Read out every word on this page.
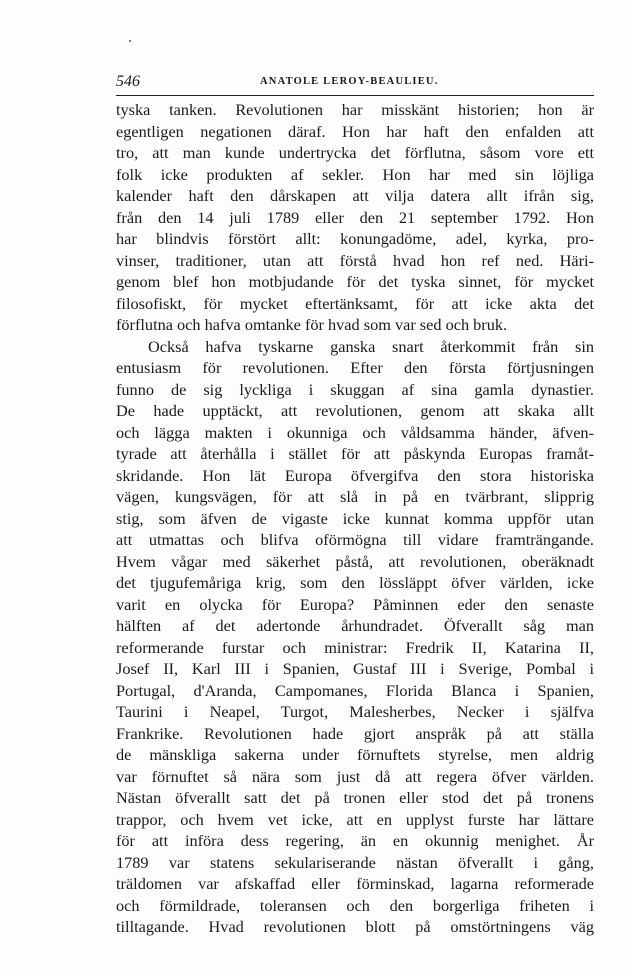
546	ANATOLE LEROY-BEAULIEU.
tyska tanken. Revolutionen har misskänt historien; hon är
egentligen negationen däraf. Hon har haft den enfalden att
tro, att man kunde undertrycka det förflutna, såsom vore ett
folk icke produkten af sekler. Hon har med sin löjliga
kalender haft den dårskapen att vilja datera allt ifrån sig,
från den 14 juli 1789 eller den 21 september 1792. Hon
har blindvis förstört allt: konungadöme, adel, kyrka, pro-
vinser, traditioner, utan att förstå hvad hon ref ned. Häri-
genom blef hon motbjudande för det tyska sinnet, för mycket
filosofiskt, för mycket eftertänksamt, för att icke akta det
förflutna och hafva omtanke för hvad som var sed och bruk.
Också hafva tyskarne ganska snart återkommit från sin
entusiasm för revolutionen. Efter den första förtjusningen
funno de sig lyckliga i skuggan af sina gamla dynastier.
De hade upptäckt, att revolutionen, genom att skaka allt
och lägga makten i okunniga och våldsamma händer, äfven-
tyrade att återhålla i stället för att påskynda Europas framåt-
skridande. Hon lät Europa öfvergifva den stora historiska
vägen, kungsvägen, för att slå in på en tvärbrant, slipprig
stig, som äfven de vigaste icke kunnat komma uppför utan
att utmattas och blifva oförmögna till vidare framträngande.
Hvem vågar med säkerhet påstå, att revolutionen, oberäknadt
det tjugufemåriga krig, som den lössläppt öfver världen, icke
varit en olycka för Europa? Påminnen eder den senaste
hälften af det adertonde århundradet. Öfverallt såg man
reformerande furstar och ministrar: Fredrik II, Katarina II,
Josef II, Karl III i Spanien, Gustaf III i Sverige, Pombal i
Portugal, d'Aranda, Campomanes, Florida Blanca i Spanien,
Taurini i Neapel, Turgot, Malesherbes, Necker i själfva
Frankrike. Revolutionen hade gjort anspråk på att ställa
de mänskliga sakerna under förnuftets styrelse, men aldrig
var förnuftet så nära som just då att regera öfver världen.
Nästan öfverallt satt det på tronen eller stod det på tronens
trappor, och hvem vet icke, att en upplyst furste har lättare
för att införa dess regering, än en okunnig menighet. År
1789 var statens sekulariserande nästan öfverallt i gång,
träldomen var afskaffad eller förminskad, lagarna reformerade
och förmildrade, toleransen och den borgerliga friheten i
tilltagande. Hvad revolutionen blott på omstörtningens väg
